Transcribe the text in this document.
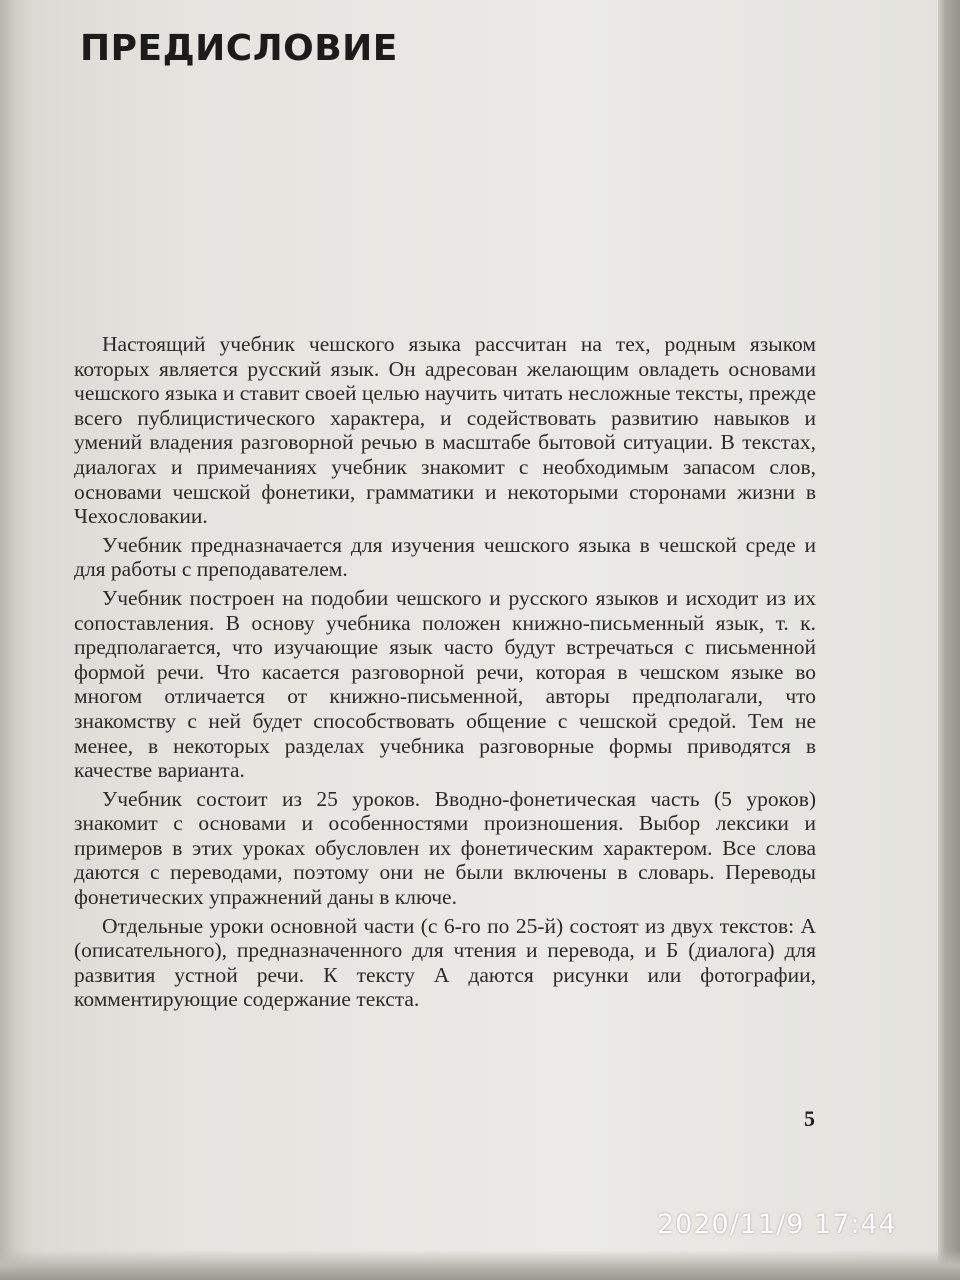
ПРЕДИСЛОВИЕ

Настоящий учебник чешского языка рассчитан на тех, родным языком которых является русский язык. Он адресован желающим овладеть основами чешского языка и ставит своей целью научить читать несложные тексты, прежде всего публицистического характера, и содействовать развитию навыков и умений владения разговорной речью в масштабе бытовой ситуации. В текстах, диалогах и примечаниях учебник знакомит с необходимым запасом слов, основами чешской фонетики, грамматики и некоторыми сторонами жизни в Чехословакии.

Учебник предназначается для изучения чешского языка в чешской среде и для работы с преподавателем.

Учебник построен на подобии чешского и русского языков и исходит из их сопоставления. В основу учебника положен книжно-письменный язык, т. к. предполагается, что изучающие язык часто будут встречаться с письменной формой речи. Что касается разговорной речи, которая в чешском языке во многом отличается от книжно-письменной, авторы предполагали, что знакомству с ней будет способствовать общение с чешской средой. Тем не менее, в некоторых разделах учебника разговорные формы приводятся в качестве варианта.

Учебник состоит из 25 уроков. Вводно-фонетическая часть (5 уроков) знакомит с основами и особенностями произношения. Выбор лексики и примеров в этих уроках обусловлен их фонетическим характером. Все слова даются с переводами, поэтому они не были включены в словарь. Переводы фонетических упражнений даны в ключе.

Отдельные уроки основной части (с 6-го по 25-й) состоят из двух текстов: А (описательного), предназначенного для чтения и перевода, и Б (диалога) для развития устной речи. К тексту А даются рисунки или фотографии, комментирующие содержание текста.

5
2020/11/9 17:44
